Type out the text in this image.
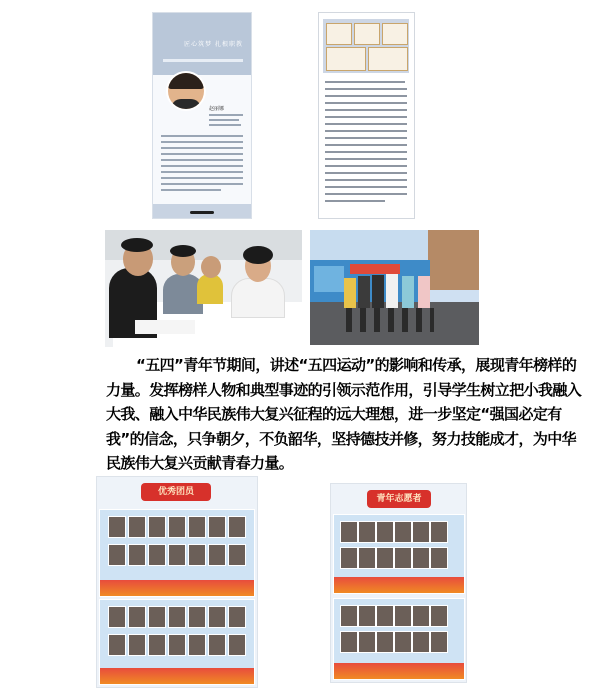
匠心筑梦 扎根职教
赵丽娜
“五四”青年节期间，讲述“五四运动”的影响和传承，展现青年榜样的力量。发挥榜样人物和典型事迹的引领示范作用，引导学生树立把小我融入大我、融入中华民族伟大复兴征程的远大理想，进一步坚定“强国必定有我”的信念，只争朝夕，不负韶华，坚持德技并修，努力技能成才，为中华民族伟大复兴贡献青春力量。
优秀团员
青年志愿者
